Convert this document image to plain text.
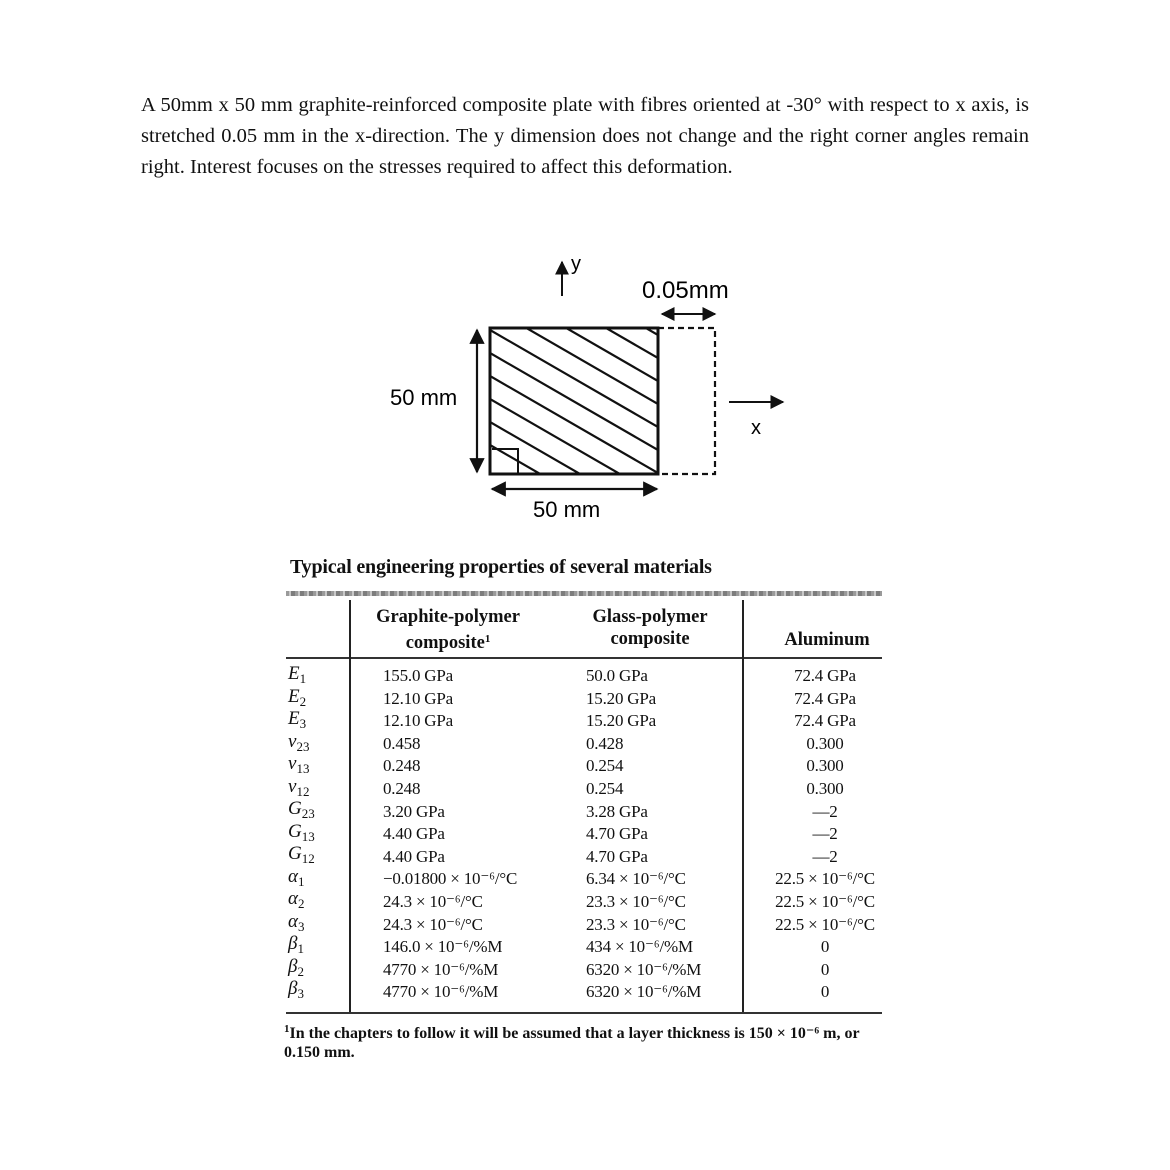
A 50mm x 50 mm graphite-reinforced composite plate with fibres oriented at -30° with respect to x axis, is stretched 0.05 mm in the x-direction. The y dimension does not change and the right corner angles remain right. Interest focuses on the stresses required to affect this deformation.

y
0.05mm
50 mm
50 mm
x
Typical engineering properties of several materials
Graphite-polymer
composite$^1$
Glass-polymer
composite	Aluminum
$E_1$
$E_2$
$E_3$
$\nu_{23}$
$\nu_{13}$
$\nu_{12}$
$G_{23}$
$G_{13}$
$G_{12}$
$\alpha_1$
$\alpha_2$
$\alpha_3$
$\beta_1$
$\beta_2$
$\beta_3$
155.0 GPa
12.10 GPa
12.10 GPa
0.458
0.248
0.248
3.20 GPa
4.40 GPa
4.40 GPa
−0.01800 × 10⁻⁶/°C
24.3 × 10⁻⁶/°C
24.3 × 10⁻⁶/°C
146.0 × 10⁻⁶/%M
4770 × 10⁻⁶/%M
4770 × 10⁻⁶/%M
50.0 GPa
15.20 GPa
15.20 GPa
0.428
0.254
0.254
3.28 GPa
4.70 GPa
4.70 GPa
6.34 × 10⁻⁶/°C
23.3 × 10⁻⁶/°C
23.3 × 10⁻⁶/°C
434 × 10⁻⁶/%M
6320 × 10⁻⁶/%M
6320 × 10⁻⁶/%M
72.4 GPa
72.4 GPa
72.4 GPa
0.300
0.300
0.300
—2
—2
—2
22.5 × 10⁻⁶/°C
22.5 × 10⁻⁶/°C
22.5 × 10⁻⁶/°C
0
0
0
$^1$In the chapters to follow it will be assumed that a layer thickness is 150 × 10⁻⁶ m, or 0.150 mm.
